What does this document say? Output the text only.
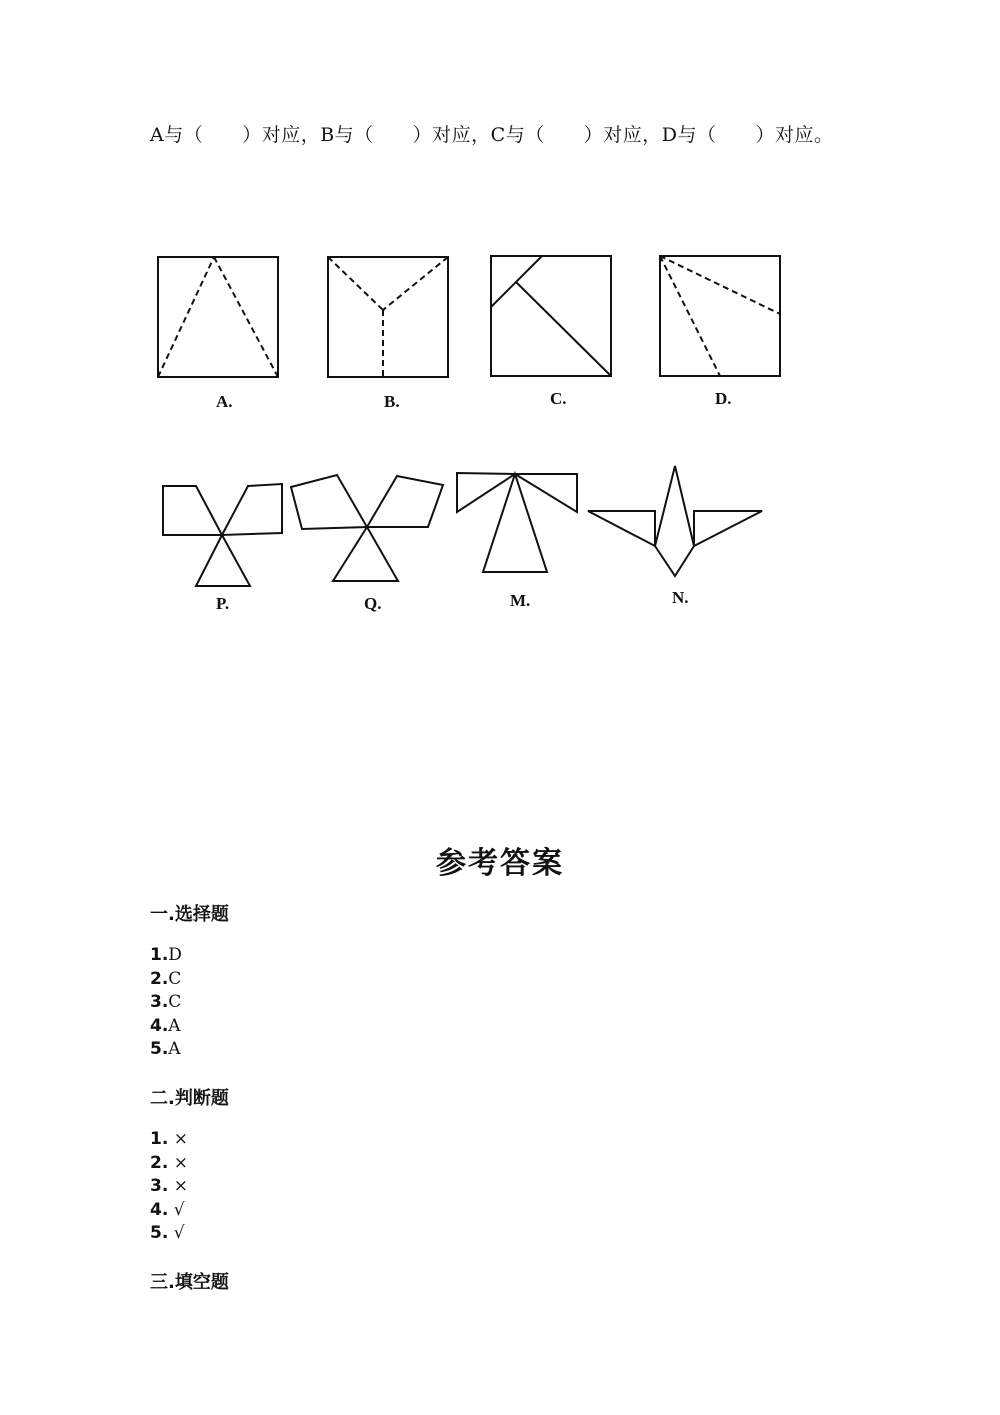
A与（　　）对应，B与（　　）对应，C与（　　）对应，D与（　　）对应。
A.	B.	C.	D.
P.	Q.	M.	N.
参考答案
一.选择题
1.D
2.C
3.C
4.A
5.A
二.判断题
1. ×
2. ×
3. ×
4. √
5. √
三.填空题
